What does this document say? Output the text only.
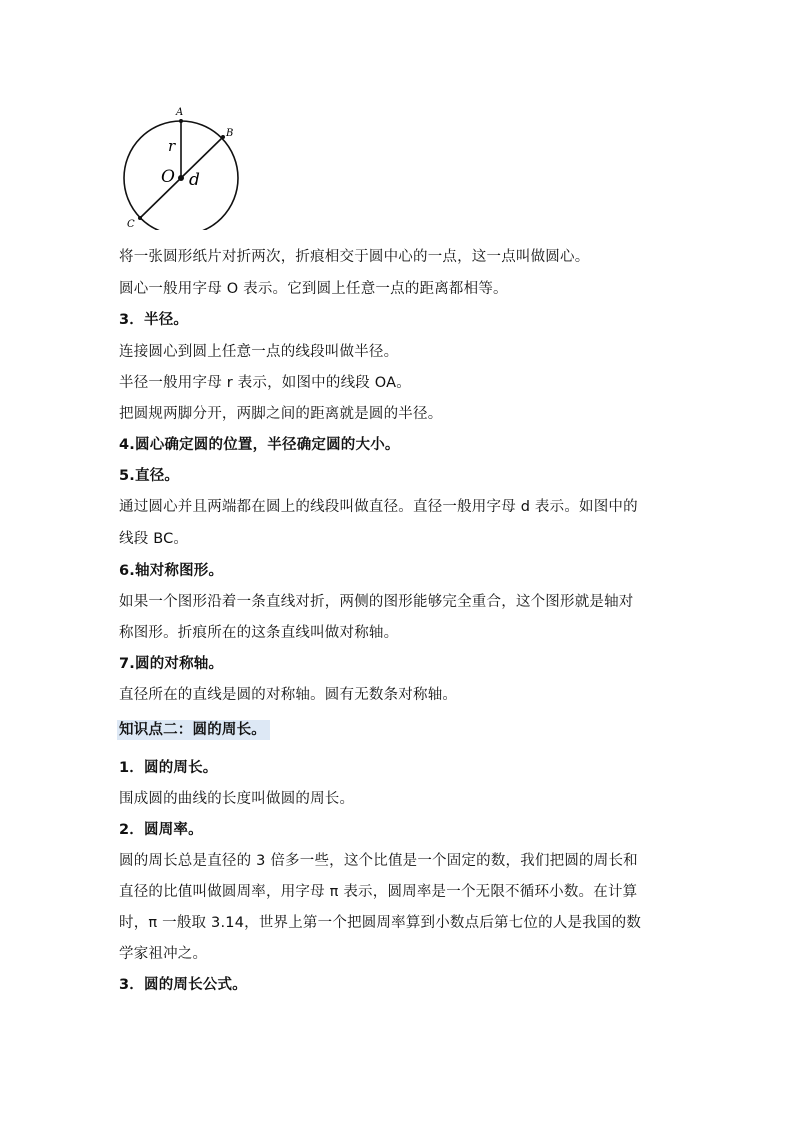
A
B
C
r
O d
将一张圆形纸片对折两次，折痕相交于圆中心的一点，这一点叫做圆心。
圆心一般用字母 O 表示。它到圆上任意一点的距离都相等。
3．半径。
连接圆心到圆上任意一点的线段叫做半径。
半径一般用字母 r 表示，如图中的线段 OA。
把圆规两脚分开，两脚之间的距离就是圆的半径。
4.圆心确定圆的位置，半径确定圆的大小。
5.直径。
通过圆心并且两端都在圆上的线段叫做直径。直径一般用字母 d 表示。如图中的
线段 BC。
6.轴对称图形。
如果一个图形沿着一条直线对折，两侧的图形能够完全重合，这个图形就是轴对
称图形。折痕所在的这条直线叫做对称轴。
7.圆的对称轴。
直径所在的直线是圆的对称轴。圆有无数条对称轴。
知识点二：圆的周长。
1．圆的周长。
围成圆的曲线的长度叫做圆的周长。
2．圆周率。
圆的周长总是直径的 3 倍多一些，这个比值是一个固定的数，我们把圆的周长和
直径的比值叫做圆周率，用字母 π 表示，圆周率是一个无限不循环小数。在计算
时，π 一般取 3.14，世界上第一个把圆周率算到小数点后第七位的人是我国的数
学家祖冲之。
3．圆的周长公式。
